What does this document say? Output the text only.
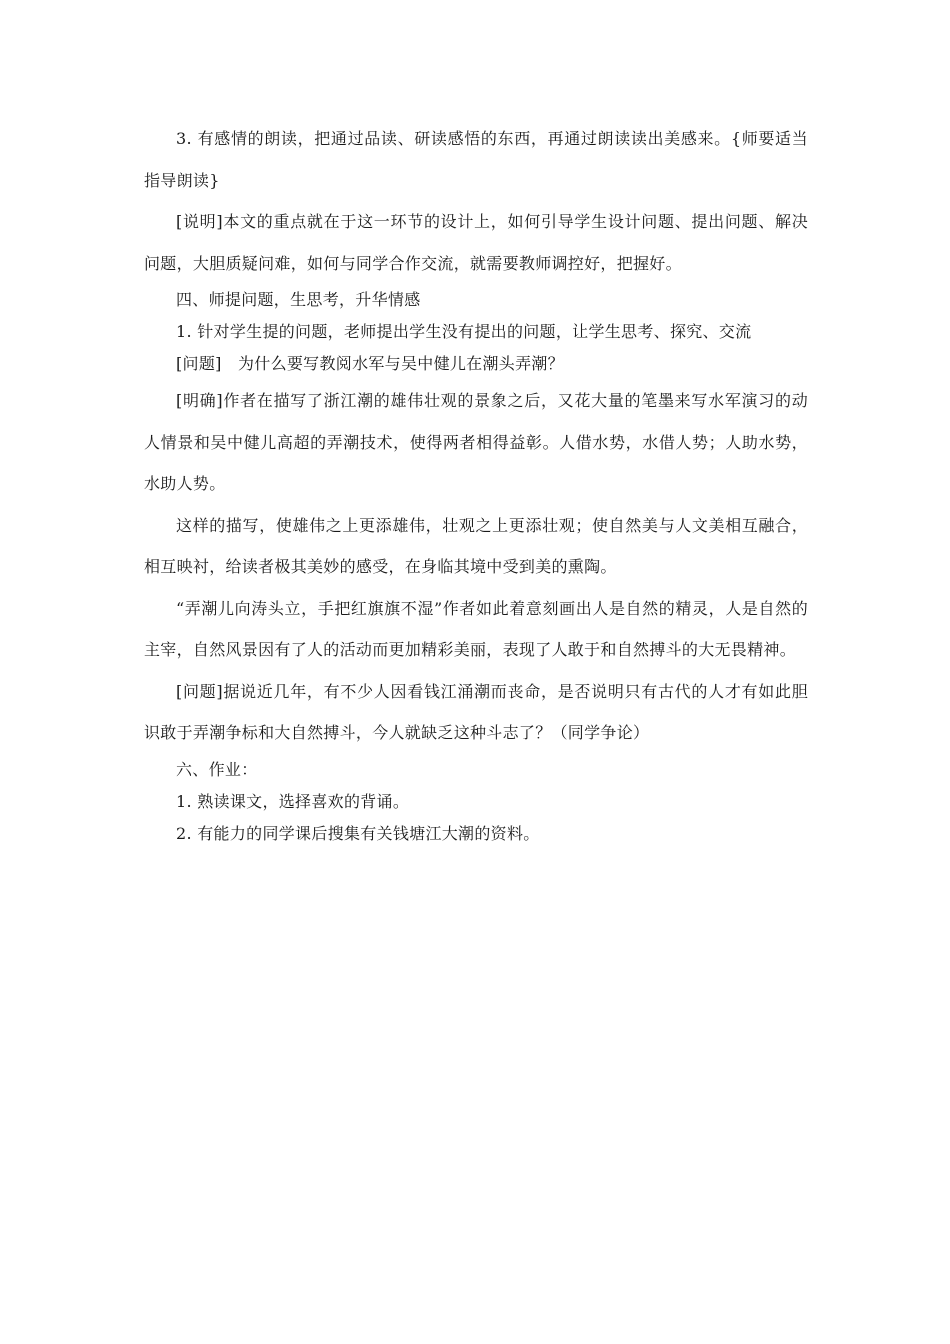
3. 有感情的朗读，把通过品读、研读感悟的东西，再通过朗读读出美感来。{师要适当指导朗读}

[说明]本文的重点就在于这一环节的设计上，如何引导学生设计问题、提出问题、解决问题，大胆质疑问难，如何与同学合作交流，就需要教师调控好，把握好。

四、师提问题，生思考，升华情感

1. 针对学生提的问题，老师提出学生没有提出的问题，让学生思考、探究、交流

[问题]　为什么要写教阅水军与吴中健儿在潮头弄潮？

[明确]作者在描写了浙江潮的雄伟壮观的景象之后，又花大量的笔墨来写水军演习的动人情景和吴中健儿高超的弄潮技术，使得两者相得益彰。人借水势，水借人势；人助水势，水助人势。

这样的描写，使雄伟之上更添雄伟，壮观之上更添壮观；使自然美与人文美相互融合，相互映衬，给读者极其美妙的感受，在身临其境中受到美的熏陶。

“弄潮儿向涛头立，手把红旗旗不湿”作者如此着意刻画出人是自然的精灵，人是自然的主宰，自然风景因有了人的活动而更加精彩美丽，表现了人敢于和自然搏斗的大无畏精神。

[问题]据说近几年，有不少人因看钱江涌潮而丧命，是否说明只有古代的人才有如此胆识敢于弄潮争标和大自然搏斗，今人就缺乏这种斗志了？（同学争论）

六、作业：

1. 熟读课文，选择喜欢的背诵。

2. 有能力的同学课后搜集有关钱塘江大潮的资料。
